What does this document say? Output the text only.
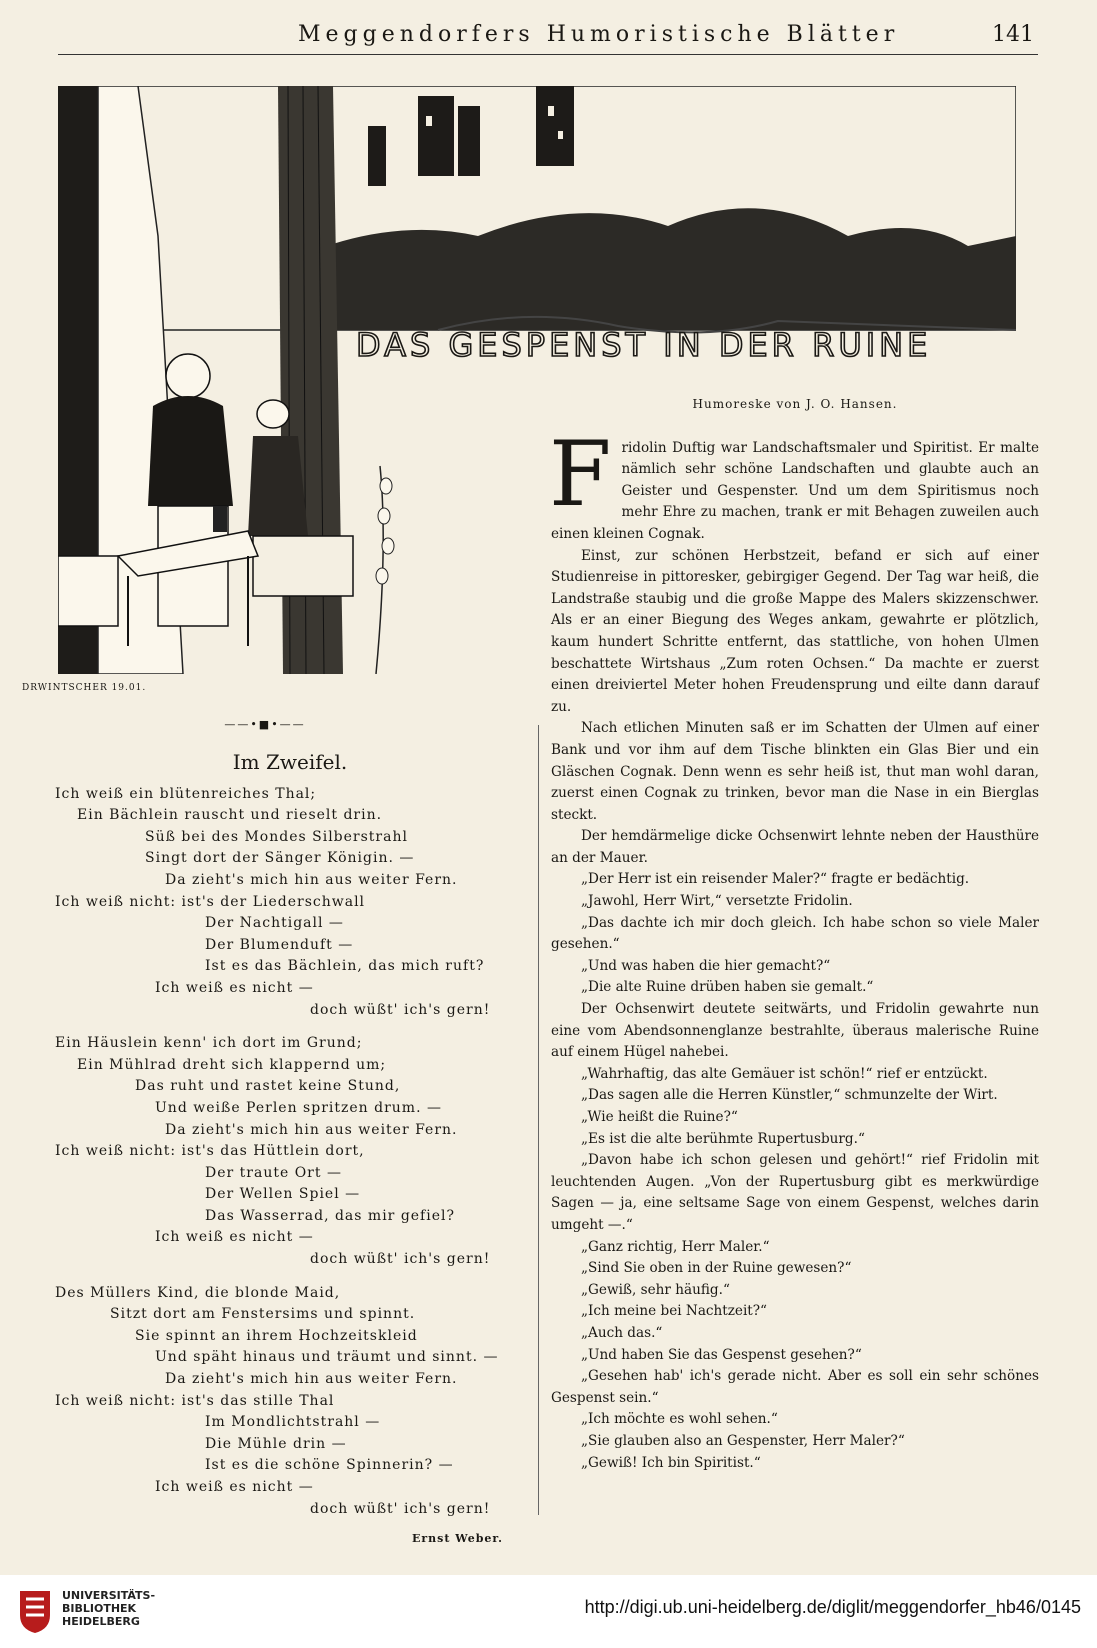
Meggendorfers Humoristische Blätter	141
DAS GESPENST IN DER RUINE
DRWINTSCHER 19.01.
——•■•——
Im Zweifel.
Ich weiß ein blütenreiches Thal;
Ein Bächlein rauscht und rieselt drin.
Süß bei des Mondes Silberstrahl
Singt dort der Sänger Königin. —
Da zieht's mich hin aus weiter Fern.
Ich weiß nicht: ist's der Liederschwall
Der Nachtigall —
Der Blumenduft —
Ist es das Bächlein, das mich ruft?
Ich weiß es nicht —
doch wüßt' ich's gern!
Ein Häuslein kenn' ich dort im Grund;
Ein Mühlrad dreht sich klappernd um;
Das ruht und rastet keine Stund,
Und weiße Perlen spritzen drum. —
Da zieht's mich hin aus weiter Fern.
Ich weiß nicht: ist's das Hüttlein dort,
Der traute Ort —
Der Wellen Spiel —
Das Wasserrad, das mir gefiel?
Ich weiß es nicht —
doch wüßt' ich's gern!
Des Müllers Kind, die blonde Maid,
Sitzt dort am Fenstersims und spinnt.
Sie spinnt an ihrem Hochzeitskleid
Und späht hinaus und träumt und sinnt. —
Da zieht's mich hin aus weiter Fern.
Ich weiß nicht: ist's das stille Thal
Im Mondlichtstrahl —
Die Mühle drin —
Ist es die schöne Spinnerin? —
Ich weiß es nicht —
doch wüßt' ich's gern!
Ernst Weber.
Humoreske von J. O. Hansen.

Fridolin Duftig war Landschaftsmaler und Spiritist. Er malte nämlich sehr schöne Landschaften und glaubte auch an Geister und Gespenster. Und um dem Spiritismus noch mehr Ehre zu machen, trank er mit Behagen zuweilen auch einen kleinen Cognak.

Einst, zur schönen Herbstzeit, befand er sich auf einer Studienreise in pittoresker, gebirgiger Gegend. Der Tag war heiß, die Landstraße staubig und die große Mappe des Malers skizzenschwer. Als er an einer Biegung des Weges ankam, gewahrte er plötzlich, kaum hundert Schritte entfernt, das stattliche, von hohen Ulmen beschattete Wirtshaus „Zum roten Ochsen.“ Da machte er zuerst einen dreiviertel Meter hohen Freudensprung und eilte dann darauf zu.

Nach etlichen Minuten saß er im Schatten der Ulmen auf einer Bank und vor ihm auf dem Tische blinkten ein Glas Bier und ein Gläschen Cognak. Denn wenn es sehr heiß ist, thut man wohl daran, zuerst einen Cognak zu trinken, bevor man die Nase in ein Bierglas steckt.

Der hemdärmelige dicke Ochsenwirt lehnte neben der Hausthüre an der Mauer.

„Der Herr ist ein reisender Maler?“ fragte er bedächtig.

„Jawohl, Herr Wirt,“ versetzte Fridolin.

„Das dachte ich mir doch gleich. Ich habe schon so viele Maler gesehen.“

„Und was haben die hier gemacht?“

„Die alte Ruine drüben haben sie gemalt.“

Der Ochsenwirt deutete seitwärts, und Fridolin gewahrte nun eine vom Abendsonnenglanze bestrahlte, überaus malerische Ruine auf einem Hügel nahebei.

„Wahrhaftig, das alte Gemäuer ist schön!“ rief er entzückt.

„Das sagen alle die Herren Künstler,“ schmunzelte der Wirt.

„Wie heißt die Ruine?“

„Es ist die alte berühmte Rupertusburg.“

„Davon habe ich schon gelesen und gehört!“ rief Fridolin mit leuchtenden Augen. „Von der Rupertusburg gibt es merkwürdige Sagen — ja, eine seltsame Sage von einem Gespenst, welches darin umgeht —.“

„Ganz richtig, Herr Maler.“

„Sind Sie oben in der Ruine gewesen?“

„Gewiß, sehr häufig.“

„Ich meine bei Nachtzeit?“

„Auch das.“

„Und haben Sie das Gespenst gesehen?“

„Gesehen hab' ich's gerade nicht. Aber es soll ein sehr schönes Gespenst sein.“

„Ich möchte es wohl sehen.“

„Sie glauben also an Gespenster, Herr Maler?“

„Gewiß! Ich bin Spiritist.“

UNIVERSITÄTS-
BIBLIOTHEK
HEIDELBERG
http://digi.ub.uni-heidelberg.de/diglit/meggendorfer_hb46/0145
